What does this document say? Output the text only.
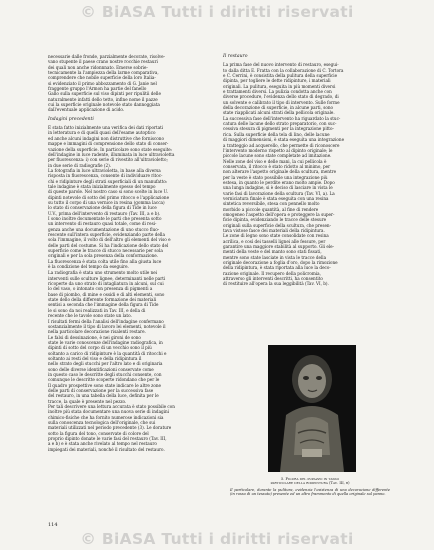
© BiASA Tutti i diritti riservati
necessarie dalle fronde, parzialmente decorate, risolve-
vano stupente il paese crano nostre rocchie restauri
dei quali non anche ridonnnato. Emerse sobrie-
tecnicamente la l'ampiezza della larme comparativa,
comprendere che nobile superficie della loro Italia-
si evidenziato il primo abbozzamento di G. Janie nel
fraggente gruppo l'Armon ha partie del fanello
Gallo sulla superficie sul viso dipinti per ripulitii delle
naturalmente infatti dello tetto, infine nome il pazze
cui la superficie originale notevole stato dannoggiata
dall'eventuale applicazione di acido.
Indagini precedenti
È stata fatto inizialmente una verifica dei dati riportati
in letteratura e di quelli quasi dell'esame autoptico
ed anche alcuni indagini non distruttive che forniscono
mappe e immagini di comprensione dello stato di conser-
vazione della superficie. In particolare sono state eseguite:
dell'indagine in luce radente, illuminata in luce ultravioletta
per fluorescenza: i) con serie di rivestito all'ultravioletto;
in due serie di radiografie (2).
La fotografia in luce ultravioletta, in base alla diversa
risposta in fluorescenza, consente di individuare ritoc-
chi e ridipinture degli strati superficiali di un manufatto:
tale indagine è stata inizialmente spesso del tempo
di queste parole. Nel nostro caso si sono scelte in luce U.
dipinti notevole di sotto del primo ritocco e l'applicazione
su tutto il corpo di una vernice in resina (gomma lacca)
lo stato di conservazione della figura di Tide in luce
U.V., prima dell'intervento di restauro (Tav. III, a e b).
I sono inoltre documentate le parti che presenta sotto
un intervento di restauro quasi totale, come di resi-
genza anche una documentazione di uno stucco fluo-
rescente sull'intera superficie, evidenziando parte della
sola l'immagine, il volto di dell'altro gli elementi del viso e
delle parti del costume. Si ha l'indicazione dello stato del
superficie come le tracce di stucco necessarie per sola
originali e per la sola presenza della conformazione.
La fluorescenza è stata colta utile fino alla giusta luce
è la condizione del tempo da eseguire.
La radiografia è stata uno strumento molto utile nei
interventi sulle sculture lignee, determinanti nelle parti
ricoperte da uno strato di intagliatura in alcuni, sul cui
lo del vaso, o intonato con presenza di pigmenti a
base di piombo, di mine e ossidi e di alti elementi, sono
state dello della differente formazione dei materiali
sentisi a seconda che l'immagine della figura di Tide
le si sono da noi realizzati in Tav. III, e della di
recente che le tavole sono state un lato.
I risultati fermi della l'analisi dell'indagine confermano
sostanzialmente il tipo di lavoro lei elementi, notevole il
nella particolare decorazione risalenti restare.
Le falsi di dessinazione, è nei gironi de sono
state le varie conoscenze dell'indagine radiografica, in
dipinti di sotto del corpo di un vecchio sono il più
soltanto a carico di ridipinture è la quantità di ritocchi e
soltanto ai resti del viso e della ridipintura il
nello strato degli stucchi per l'altro lato e di originaria
sono delle diverse identificazioni conservate come
in questo caso le descritte degli stucchi consente, con
comunque le descritte scoperte ridondano che per le
Il quadro prospettive sono state indicare le altre zone
delle parti di conservazione per la successiva fase
del restauro, in una tabella della luce, definita per le
tracce, la quale è presente nel pezzo.
Per tali descrivere una lettura accurata è stato possibile con
inoltre più stata documentare una nuova serie di indagini
chimico-fisiche che ha fornito numerose indicazioni sia
sulla conoscenza tecnologica dell'originale, che sui
materiali utilizzati nel periodo precedente (3). Le dorature
sotto la figura del tono, conservate di colore del
proprio dipinto donate le varie fasi del restauro (Tav. III,
a e b) e è stata anche rivelato al tempo nel restauro
impiegati dei materiali, nonché il risultato del restauro.
Il restauro
La prima fase del nuovo intervento di restauro, esegui-
to dalla ditta E. Fratta con la collaborazione di C. Tortora
e C. Cerrini, è consistita della pulitura della superficie
dipinta, per togliere le dette ridipinture, i materiali
originali. La pulitura, eseguita in più momenti diversi
e trattamenti diversi. La pulizia condotta anche con
diverse procedure, l'evidenza dello stato di degrado, di
un solvente e calibrato il tipo di intervento. Sulle forme
della decorazione di superficie, in alcune parti, sono
state riapplicati alcuni strati della pellicola originale.
La successiva fase dell'intervento ha riguardato la stuc-
catura delle lacune dello strato preparatorio, con suc-
cessiva stesura di pigmenti per la integrazione pitto-
rica. Sulla superficie della tela di lino, delle lacune
di maggiori dimensioni, è stata eseguita una integrazione
a tratteggio ad acquerello, che permette di riconoscere
l'intervento moderno rispetto al dipinto originale; le
piccole lacune sono state completate ad imitazione.
Nelle zone del viso e delle mani, la cui pellicola è
conservata, il ritocco è stato ridotto al minimo, per
non alterare l'aspetto originale della scultura, mentre
per la veste è stato possibile una integrazione più
estesa, in quanto le perdite erano molto ampie. Dopo
una lunga indagine, si è deciso di lasciare in vista le
varie fasi di lavorazione della scultura (Tav. VI, a). La
verniciatura finale è stata eseguita con una resina
sintetica reversibile, stesa con pennello molto
morbido a piccole quantità, al fine di rendere
omogeneo l'aspetto dell'opera e proteggere la super-
ficie dipinta, evidenziando le tracce delle stesure
originali sulla superficie della scultura, che presen-
tava vistose fasce dei materiali della ridipintura.
Le zone di legno sono state consolidate con resina
acrilica, e così dei tasselli lignei alle fessure, per
garantire una maggiore stabilità al supporto. Gli ele-
menti della veste e del manto sono stati fissati,
mentre sono state lasciate in vista le tracce della
originale decorazione a foglia d'oro, dopo la rimozione
della ridipintura, è stata riportata alla luce la deco-
razione originale. Il recupero della policromia,
attraverso gli interventi descritti, ha consentito
di restituire all'opera la sua leggibilità (Tav. VI, b).
5. Figura del pupazzo in tasso
particolare della ridipintura (Tav. III, b)
Il particolare, durante la pulitura, evidenzia l'esistenza di una decorazione differente (in rosso di un tessuto) presente ed un altro frammento di quella originale sul panno.
114
© BiASA Tutti i diritti riservati
